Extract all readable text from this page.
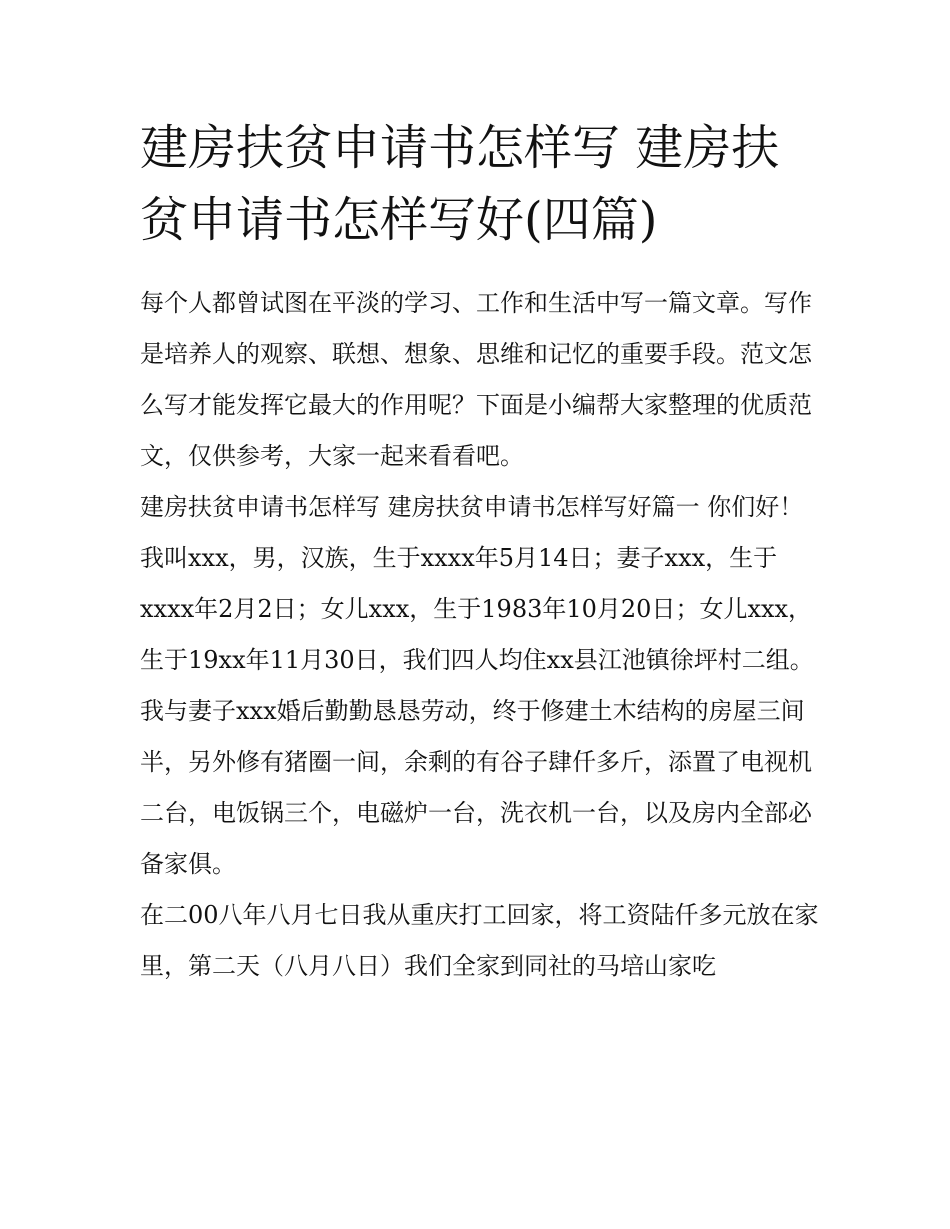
建房扶贫申请书怎样写 建房扶贫申请书怎样写好(四篇)

每个人都曾试图在平淡的学习、工作和生活中写一篇文章。写作是培养人的观察、联想、想象、思维和记忆的重要手段。范文怎么写才能发挥它最大的作用呢？下面是小编帮大家整理的优质范文，仅供参考，大家一起来看看吧。

建房扶贫申请书怎样写 建房扶贫申请书怎样写好篇一 你们好！

我叫xxx，男，汉族，生于xxxx年5月14日；妻子xxx，生于xxxx年2月2日；女儿xxx，生于1983年10月20日；女儿xxx，生于19xx年11月30日，我们四人均住xx县江池镇徐坪村二组。

我与妻子xxx婚后勤勤恳恳劳动，终于修建土木结构的房屋三间半，另外修有猪圈一间，余剩的有谷子肆仟多斤，添置了电视机二台，电饭锅三个，电磁炉一台，洗衣机一台，以及房内全部必备家俱。

在二00八年八月七日我从重庆打工回家，将工资陆仟多元放在家里，第二天（八月八日）我们全家到同社的马培山家吃
